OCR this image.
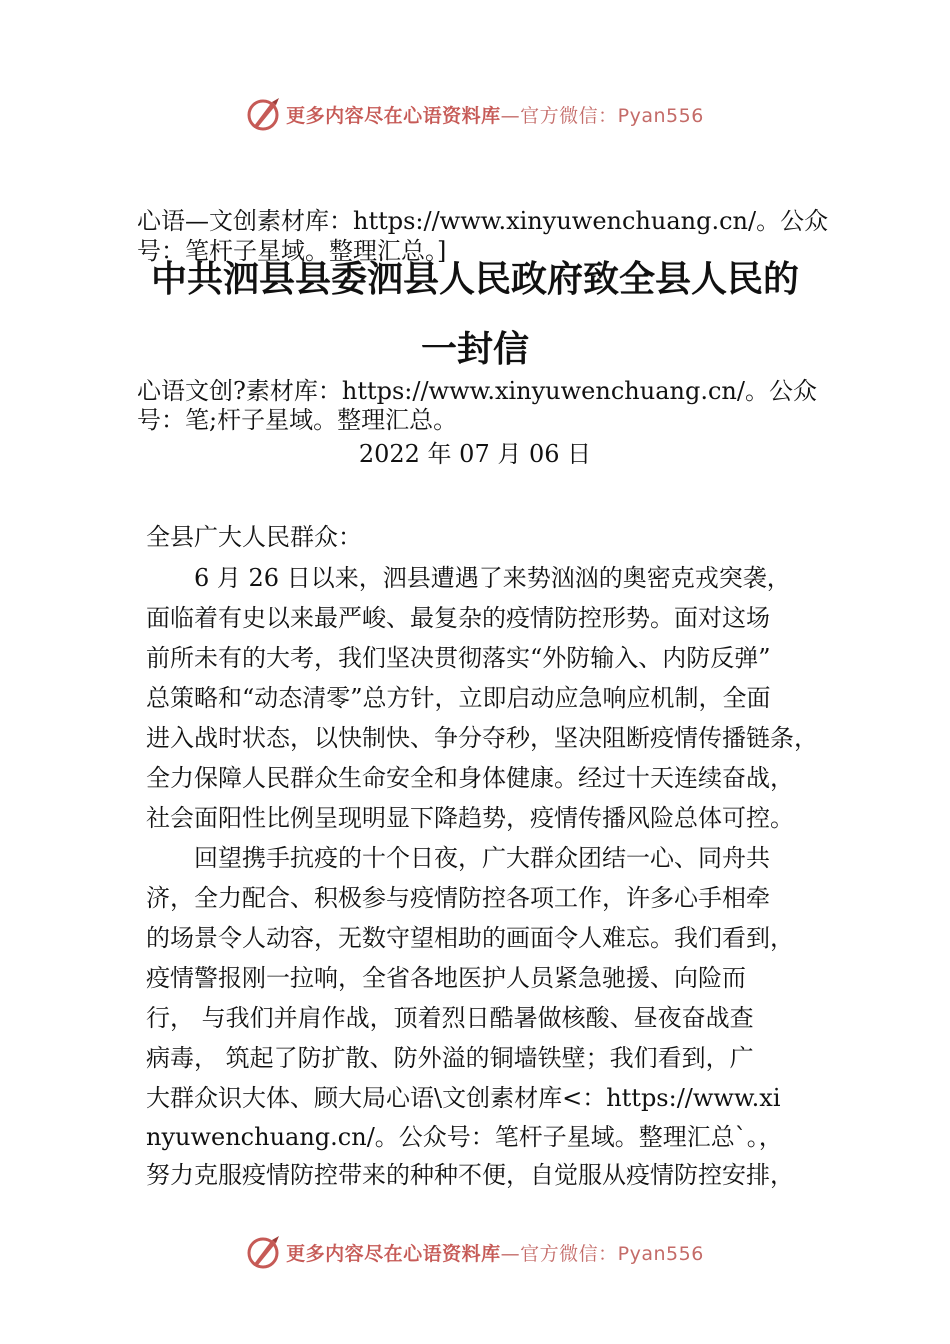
更多内容尽在心语资料库—官方微信：Pyan556
心语—文创素材库：https://www.xinyuwenchuang.cn/。公众
号：笔杆子星域。整理汇总。]
中共泗县县委泗县人民政府致全县人民的
一封信
心语文创?素材库：https://www.xinyuwenchuang.cn/。公众
号：笔;杆子星域。整理汇总。
2022 年 07 月 06 日
全县广大人民群众：
　　6 月 26 日以来，泗县遭遇了来势汹汹的奥密克戎突袭，
面临着有史以来最严峻、最复杂的疫情防控形势。面对这场
前所未有的大考，我们坚决贯彻落实“外防输入、内防反弹”
总策略和“动态清零”总方针，立即启动应急响应机制，全面
进入战时状态，以快制快、争分夺秒，坚决阻断疫情传播链条，
全力保障人民群众生命安全和身体健康。经过十天连续奋战，
社会面阳性比例呈现明显下降趋势，疫情传播风险总体可控。
　　回望携手抗疫的十个日夜，广大群众团结一心、同舟共
济，全力配合、积极参与疫情防控各项工作，许多心手相牵
的场景令人动容，无数守望相助的画面令人难忘。我们看到，
疫情警报刚一拉响，全省各地医护人员紧急驰援、向险而
行， 与我们并肩作战，顶着烈日酷暑做核酸、昼夜奋战查
病毒， 筑起了防扩散、防外溢的铜墙铁壁；我们看到，广
大群众识大体、顾大局心语\文创素材库<：https://www.xi
nyuwenchuang.cn/。公众号：笔杆子星域。整理汇总`。，
努力克服疫情防控带来的种种不便，自觉服从疫情防控安排，
更多内容尽在心语资料库—官方微信：Pyan556
